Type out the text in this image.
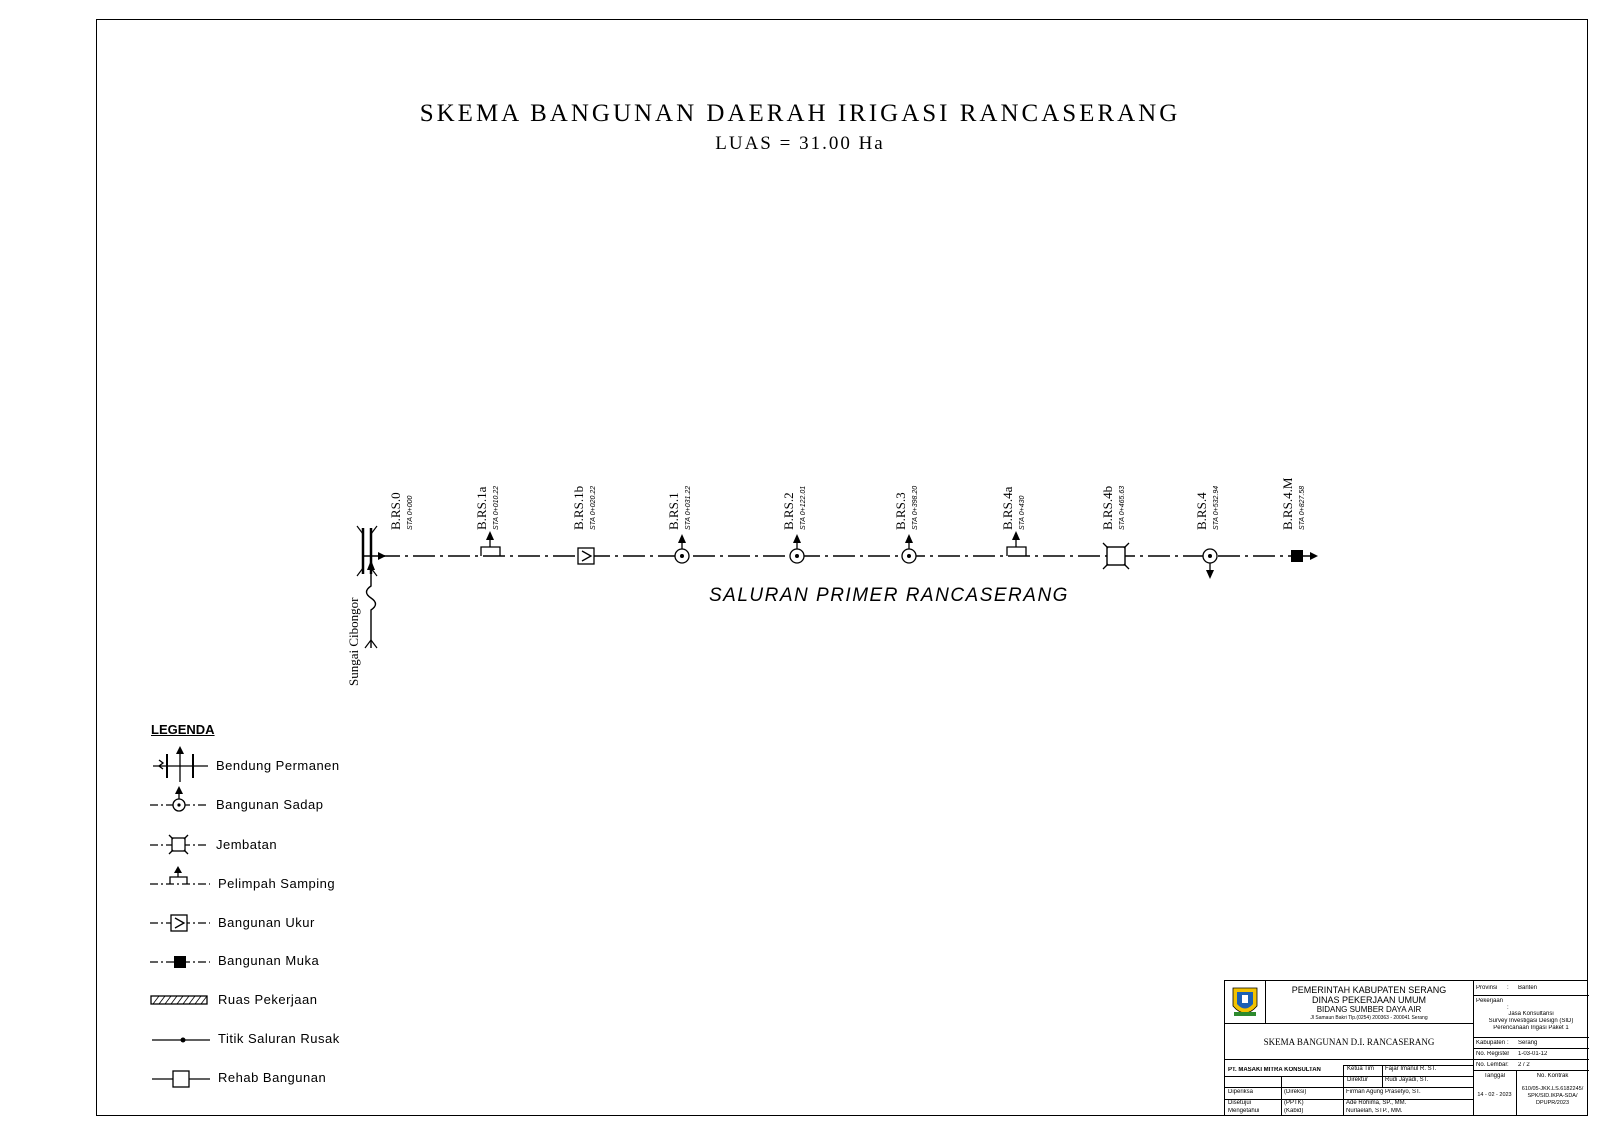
SKEMA BANGUNAN DAERAH IRIGASI RANCASERANG
LUAS = 31.00 Ha
Sungai Cibongor
B.RS.0 STA 0+000	B.RS.1a STA 0+010.22	B.RS.1b STA 0+020.22	B.RS.1 STA 0+031.22	B.RS.2 STA 0+122.01	B.RS.3 STA 0+398.20	B.RS.4a STA 0+430	B.RS.4b STA 0+465.63	B.RS.4 STA 0+532.94	B.RS.4.M STA 0+827.58
SALURAN PRIMER RANCASERANG
LEGENDA
Bendung Permanen
Bangunan Sadap
Jembatan
Pelimpah Samping
Bangunan Ukur
Bangunan Muka
Ruas Pekerjaan
Titik Saluran Rusak
Rehab Bangunan
PEMERINTAH KABUPATEN SERANG
DINAS PEKERJAAN UMUM
BIDANG SUMBER DAYA AIR
Jl Samaun Bakri Tlp.(0254) 200363 - 200041 Serang
SKEMA BANGUNAN D.I. RANCASERANG
PT. MASAKI MITRA KONSULTAN	Ketua Tim Fajar Imanul R. ST.
Direktur	Rudi Jayadi, ST.
Diperiksa	(Direksi)	Firman Agung Prasetyo, ST.
Disetujui	(PPTK)	Ade Rohima, SP., MM.
Mengetahui	(Kabid)	Nurlaelah, STP., MM.
Provinsi : Banten
Pekerjaan
:
Jasa Konsultansi
Survey Investigasi Design (SID)
Perencanaan Irigasi Paket 1
Kabupaten : Serang
No. Register
: 1-03-01-12
No. Lembar : 2 / 2
Tanggal
14 - 02 - 2023
No. Kontrak
610/05-JKK.LS.6182245/
SPK/SID.IKPA-SDA/
DPUPR/2023
